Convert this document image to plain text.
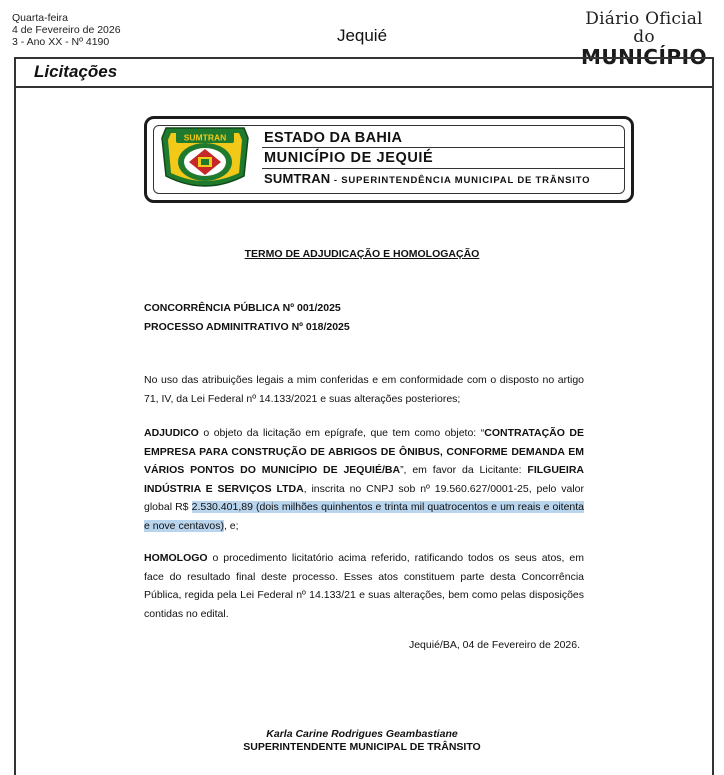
Quarta-feira
4 de Fevereiro de 2026
3 - Ano XX - Nº 4190	Jequié
Diário Oficial do
MUNICÍPIO
Licitações
SUMTRAN	ESTADO DA BAHIA
MUNICÍPIO DE JEQUIÉ
SUMTRAN - SUPERINTENDÊNCIA MUNICIPAL DE TRÂNSITO
TERMO DE ADJUDICAÇÃO E HOMOLOGAÇÃO
CONCORRÊNCIA PÚBLICA Nº 001/2025
PROCESSO ADMINITRATIVO Nº 018/2025
No uso das atribuições legais a mim conferidas e em conformidade com o disposto no artigo 71, IV, da Lei Federal nº 14.133/2021 e suas alterações posteriores;
ADJUDICO o objeto da licitação em epígrafe, que tem como objeto: “CONTRATAÇÃO DE EMPRESA PARA CONSTRUÇÃO DE ABRIGOS DE ÔNIBUS, CONFORME DEMANDA EM VÁRIOS PONTOS DO MUNICÍPIO DE JEQUIÉ/BA”, em favor da Licitante: FILGUEIRA INDÚSTRIA E SERVIÇOS LTDA, inscrita no CNPJ sob nº 19.560.627/0001-25, pelo valor global R$ 2.530.401,89 (dois milhões quinhentos e trinta mil quatrocentos e um reais e oitenta e nove centavos), e;
HOMOLOGO o procedimento licitatório acima referido, ratificando todos os seus atos, em face do resultado final deste processo. Esses atos constituem parte desta Concorrência Pública, regida pela Lei Federal nº 14.133/21 e suas alterações, bem como pelas disposições contidas no edital.
Jequié/BA, 04 de Fevereiro de 2026.
Karla Carine Rodrigues Geambastiane
SUPERINTENDENTE MUNICIPAL DE TRÂNSITO
